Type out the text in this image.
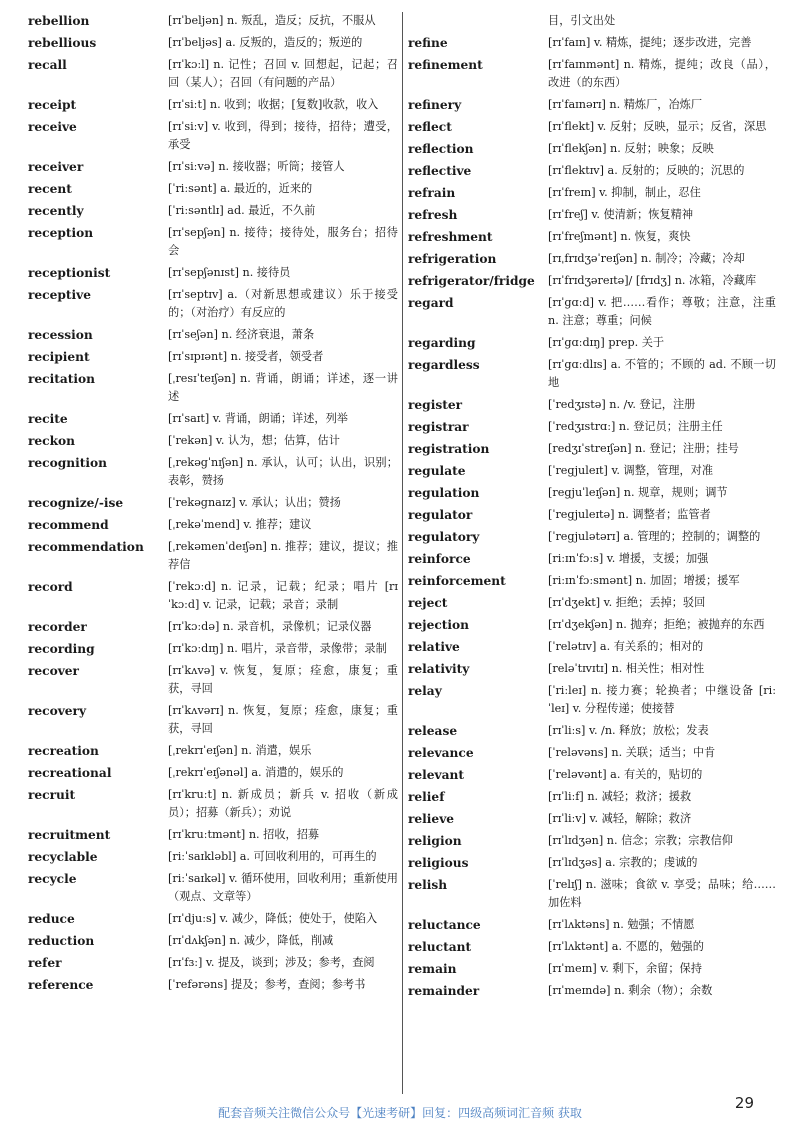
rebellion	[rɪˈbeljən] n. 叛乱，造反；反抗，不服从
rebellious	[rɪˈbeljəs] a. 反叛的，造反的；叛逆的
recall	[rɪˈkɔːl] n. 记性；召回 v. 回想起，记起；召回（某人）；召回（有问题的产品）
receipt	[rɪˈsiːt] n. 收到；收据；[复数]收款，收入
receive	[rɪˈsiːv] v. 收到，得到；接待，招待；遭受，承受
receiver	[rɪˈsiːvə] n. 接收器；听筒；接管人
recent	[ˈriːsənt] a. 最近的，近来的
recently	[ˈriːsəntlɪ] ad. 最近，不久前
reception	[rɪˈsepʃən] n. 接待；接待处，服务台；招待会
receptionist	[rɪˈsepʃənɪst] n. 接待员
receptive	[rɪˈseptɪv] a.（对新思想或建议）乐于接受的；（对治疗）有反应的
recession	[rɪˈseʃən] n. 经济衰退，萧条
recipient	[rɪˈsɪpɪənt] n. 接受者，领受者
recitation	[ˌresɪˈteɪʃən] n. 背诵，朗诵；详述，逐一讲述
recite	[rɪˈsaɪt] v. 背诵，朗诵；详述，列举
reckon	[ˈrekən] v. 认为，想；估算，估计
recognition	[ˌrekəgˈnɪʃən] n. 承认，认可；认出，识别；表彰，赞扬
recognize/-ise	[ˈrekəgnaɪz] v. 承认；认出；赞扬
recommend	[ˌrekəˈmend] v. 推荐；建议
recommendation	[ˌrekəmenˈdeɪʃən] n. 推荐；建议，提议；推荐信
record	[ˈrekɔːd] n. 记录，记载；纪录；唱片 [rɪˈkɔːd] v. 记录，记载；录音；录制
recorder	[rɪˈkɔːdə] n. 录音机，录像机；记录仪器
recording	[rɪˈkɔːdɪŋ] n. 唱片，录音带，录像带；录制
recover	[rɪˈkʌvə] v. 恢复，复原；痊愈，康复；重获，寻回
recovery	[rɪˈkʌvərɪ] n. 恢复，复原；痊愈，康复；重获，寻回
recreation	[ˌrekrɪˈeɪʃən] n. 消遣，娱乐
recreational	[ˌrekrɪˈeɪʃənəl] a. 消遣的，娱乐的
recruit	[rɪˈkruːt] n. 新成员；新兵 v. 招收（新成员）；招募（新兵）；劝说
recruitment	[rɪˈkruːtmənt] n. 招收，招募
recyclable	[riːˈsaɪkləbl] a. 可回收利用的，可再生的
recycle	[riːˈsaɪkəl] v. 循环使用，回收利用；重新使用（观点、文章等）
reduce	[rɪˈdjuːs] v. 减少，降低；使处于，使陷入
reduction	[rɪˈdʌkʃən] n. 减少，降低，削减
refer	[rɪˈfɜː] v. 提及，谈到；涉及；参考，查阅
reference	[ˈrefərəns] 提及；参考，查阅；参考书
目，引文出处
refine	[rɪˈfaɪn] v. 精炼，提纯；逐步改进，完善
refinement	[rɪˈfaɪnmənt] n. 精炼，提纯；改良（品），改进（的东西）
refinery	[rɪˈfaɪnərɪ] n. 精炼厂，冶炼厂
reflect	[rɪˈflekt] v. 反射；反映，显示；反省，深思
reflection	[rɪˈflekʃən] n. 反射；映象；反映
reflective	[rɪˈflektɪv] a. 反射的；反映的；沉思的
refrain	[rɪˈfreɪn] v. 抑制，制止，忍住
refresh	[rɪˈfreʃ] v. 使清新；恢复精神
refreshment	[rɪˈfreʃmənt] n. 恢复，爽快
refrigeration	[rɪˌfrɪdʒəˈreɪʃən] n. 制冷；冷藏；冷却
refrigerator/fridge	[rɪˈfrɪdʒəreɪtə]/ [frɪdʒ] n. 冰箱，冷藏库
regard	[rɪˈgɑːd] v. 把……看作；尊敬；注意，注重 n. 注意；尊重；问候
regarding	[rɪˈgɑːdɪŋ] prep. 关于
regardless	[rɪˈgɑːdlɪs] a. 不管的；不顾的 ad. 不顾一切地
register	[ˈredʒɪstə] n. /v. 登记，注册
registrar	[ˈredʒɪstrɑː] n. 登记员；注册主任
registration	[redʒɪˈstreɪʃən] n. 登记；注册；挂号
regulate	[ˈregjuleɪt] v. 调整，管理，对准
regulation	[regjuˈleɪʃən] n. 规章，规则；调节
regulator	[ˈregjuleɪtə] n. 调整者；监管者
regulatory	[ˈregjulətərɪ] a. 管理的；控制的；调整的
reinforce	[riːɪnˈfɔːs] v. 增援，支援；加强
reinforcement	[riːɪnˈfɔːsmənt] n. 加固；增援；援军
reject	[rɪˈdʒekt] v. 拒绝；丢掉；驳回
rejection	[rɪˈdʒekʃən] n. 抛弃；拒绝；被抛弃的东西
relative	[ˈrelətɪv] a. 有关系的；相对的
relativity	[reləˈtɪvɪtɪ] n. 相关性；相对性
relay	[ˈriːleɪ] n. 接力赛；轮换者；中继设备 [riːˈleɪ] v. 分程传递；使接替
release	[rɪˈliːs] v. /n. 释放；放松；发表
relevance	[ˈreləvəns] n. 关联；适当；中肯
relevant	[ˈreləvənt] a. 有关的，贴切的
relief	[rɪˈliːf] n. 减轻；救济；援救
relieve	[rɪˈliːv] v. 减轻，解除；救济
religion	[rɪˈlɪdʒən] n. 信念；宗教；宗教信仰
religious	[rɪˈlɪdʒəs] a. 宗教的；虔诚的
relish	[ˈrelɪʃ] n. 滋味；食欲 v. 享受；品味；给……加佐料
reluctance	[rɪˈlʌktəns] n. 勉强；不情愿
reluctant	[rɪˈlʌktənt] a. 不愿的，勉强的
remain	[rɪˈmeɪn] v. 剩下，余留；保持
remainder	[rɪˈmeɪndə] n. 剩余（物）；余数
29
配套音频关注微信公众号【光速考研】回复：四级高频词汇音频 获取
